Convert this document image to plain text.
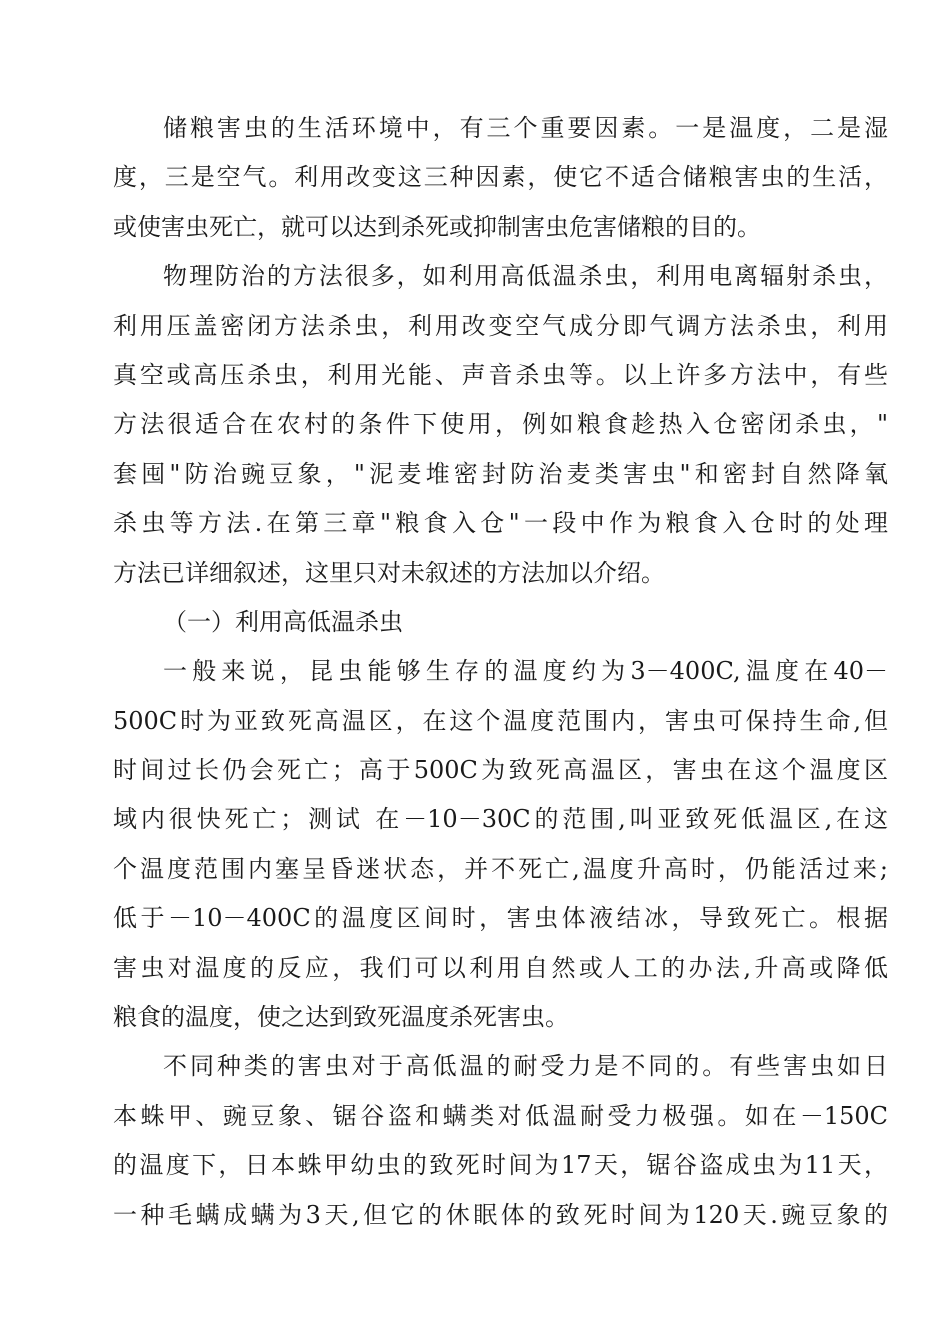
储粮害虫的生活环境中，有三个重要因素。一是温度，二是湿
度，三是空气。利用改变这三种因素，使它不适合储粮害虫的生活，
或使害虫死亡，就可以达到杀死或抑制害虫危害储粮的目的。
物理防治的方法很多，如利用高低温杀虫，利用电离辐射杀虫，
利用压盖密闭方法杀虫，利用改变空气成分即气调方法杀虫，利用
真空或高压杀虫，利用光能、声音杀虫等。以上许多方法中，有些
方法很适合在农村的条件下使用，例如粮食趁热入仓密闭杀虫，"
套囤"防治豌豆象，"泥麦堆密封防治麦类害虫"和密封自然降氧
杀虫等方法.在第三章"粮食入仓"一段中作为粮食入仓时的处理
方法已详细叙述，这里只对未叙述的方法加以介绍。
（一）利用高低温杀虫
一般来说，昆虫能够生存的温度约为3－400C,温度在40－
500C时为亚致死高温区，在这个温度范围内，害虫可保持生命,但
时间过长仍会死亡；高于500C为致死高温区，害虫在这个温度区
域内很快死亡；测试 在－10－30C的范围,叫亚致死低温区,在这
个温度范围内塞呈昏迷状态，并不死亡,温度升高时，仍能活过来;
低于－10－400C的温度区间时，害虫体液结冰，导致死亡。根据
害虫对温度的反应，我们可以利用自然或人工的办法,升高或降低
粮食的温度，使之达到致死温度杀死害虫。
不同种类的害虫对于高低温的耐受力是不同的。有些害虫如日
本蛛甲、豌豆象、锯谷盗和螨类对低温耐受力极强。如在－150C
的温度下，日本蛛甲幼虫的致死时间为17天，锯谷盗成虫为11天，
一种毛螨成螨为3天,但它的休眠体的致死时间为120天.豌豆象的
